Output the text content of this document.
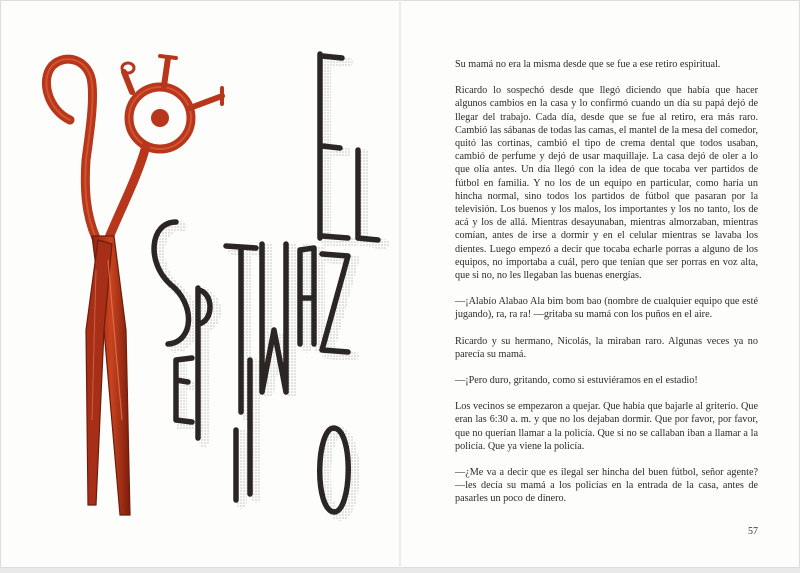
Su mamá no era la misma desde que se fue a ese retiro espiritual.

Ricardo lo sospechó desde que llegó diciendo que había que hacer algunos cambios en la casa y lo confirmó cuando un día su papá dejó de llegar del trabajo. Cada día, desde que se fue al retiro, era más raro. Cambió las sábanas de todas las camas, el mantel de la mesa del comedor, quitó las cortinas, cambió el tipo de crema dental que todos usaban, cambió de perfume y dejó de usar maquillaje. La casa dejó de oler a lo que olía antes. Un día llegó con la idea de que tocaba ver partidos de fútbol en familia. Y no los de un equipo en particular, como haría un hincha normal, sino todos los partidos de fútbol que pasaran por la televisión. Los buenos y los malos, los importantes y los no tanto, los de acá y los de allá. Mientras desayunaban, mientras almorzaban, mientras comían, antes de irse a dormir y en el celular mientras se lavaba los dientes. Luego empezó a decir que tocaba echarle porras a alguno de los equipos, no importaba a cuál, pero que tenían que ser porras en voz alta, que si no, no les llegaban las buenas energías.

—¡Alabío Alabao Ala bim bom bao (nombre de cualquier equipo que esté jugando), ra, ra ra! —gritaba su mamá con los puños en el aire.

Ricardo y su hermano, Nicolás, la miraban raro. Algunas veces ya no parecía su mamá.

—¡Pero duro, gritando, como si estuviéramos en el estadio!

Los vecinos se empezaron a quejar. Que había que bajarle al griterío. Que eran las 6:30 a. m. y que no los dejaban dormir. Que por favor, por favor, que no querían llamar a la policía. Que si no se callaban iban a llamar a la policía. Que ya viene la policía.

—¿Me va a decir que es ilegal ser hincha del buen fútbol, señor agente? —les decía su mamá a los policías en la entrada de la casa, antes de pasarles un poco de dinero.

57
